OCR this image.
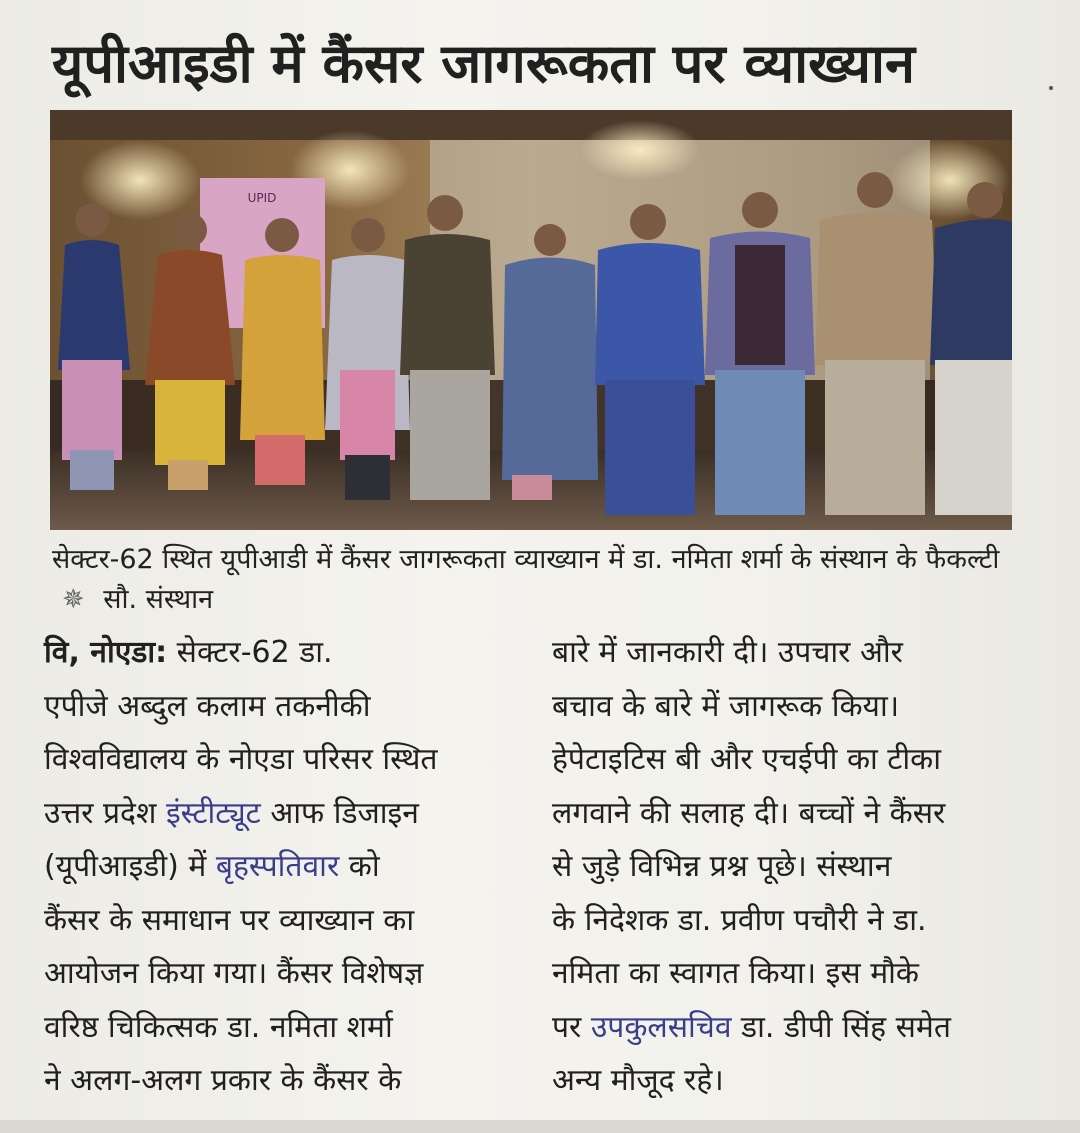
यूपीआइडी में कैंसर जागरूकता पर व्याख्यान
UPID
सेक्टर-62 स्थित यूपीआडी में कैंसर जागरूकता व्याख्यान में डा. नमिता शर्मा के संस्थान के फैकल्टी ✵ सौ. संस्थान
वि, नोएडा: सेक्टर-62 डा.
एपीजे अब्दुल कलाम तकनीकी
विश्वविद्यालय के नोएडा परिसर स्थित
उत्तर प्रदेश इंस्टीट्यूट आफ डिजाइन
(यूपीआइडी) में बृहस्पतिवार को
कैंसर के समाधान पर व्याख्यान का
आयोजन किया गया। कैंसर विशेषज्ञ
वरिष्ठ चिकित्सक डा. नमिता शर्मा
ने अलग-अलग प्रकार के कैंसर के
बारे में जानकारी दी। उपचार और
बचाव के बारे में जागरूक किया।
हेपेटाइटिस बी और एचईपी का टीका
लगवाने की सलाह दी। बच्चों ने कैंसर
से जुड़े विभिन्न प्रश्न पूछे। संस्थान
के निदेशक डा. प्रवीण पचौरी ने डा.
नमिता का स्वागत किया। इस मौके
पर उपकुलसचिव डा. डीपी सिंह समेत
अन्य मौजूद रहे।
